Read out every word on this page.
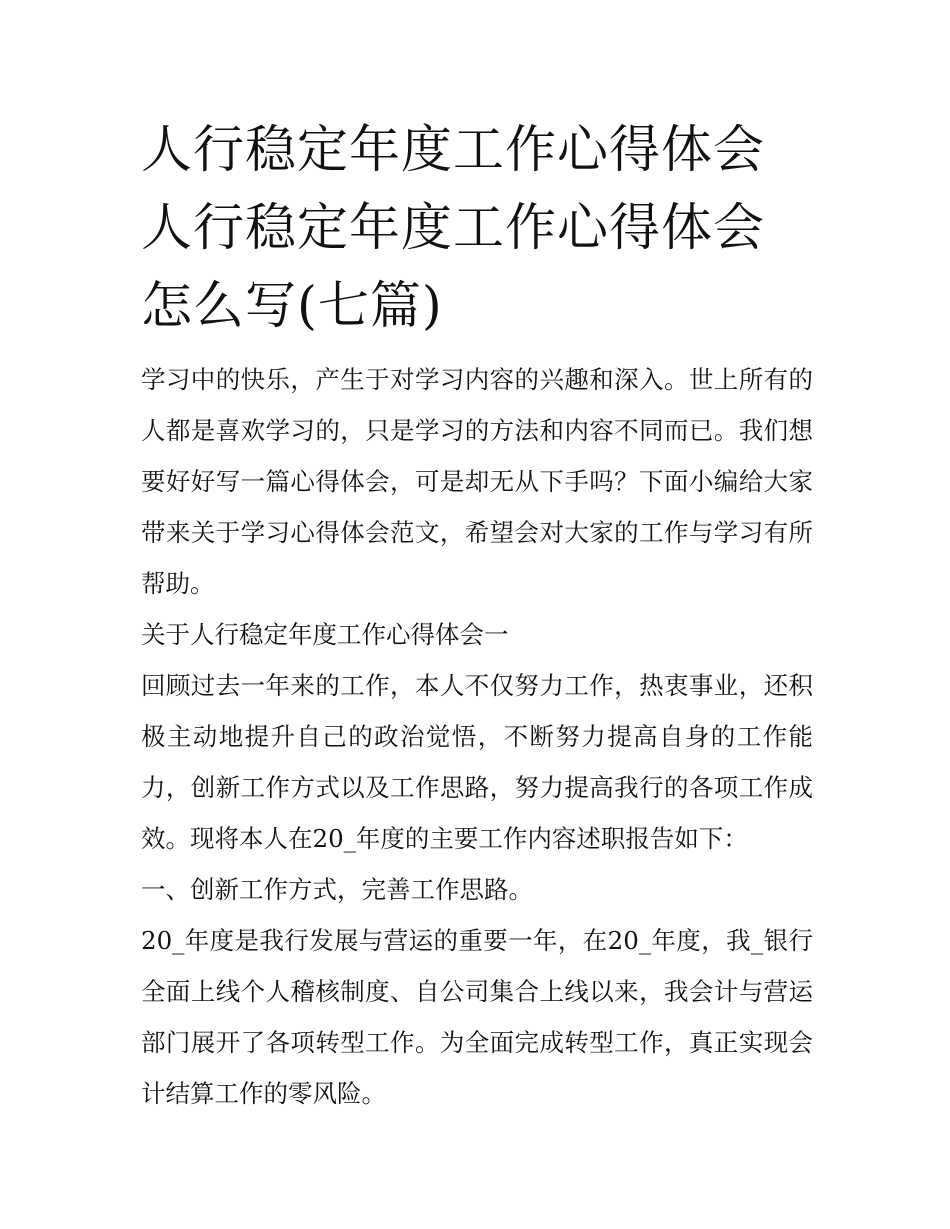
人行稳定年度工作心得体会 人行稳定年度工作心得体会怎么写(七篇)

学习中的快乐，产生于对学习内容的兴趣和深入。世上所有的人都是喜欢学习的，只是学习的方法和内容不同而已。我们想要好好写一篇心得体会，可是却无从下手吗？下面小编给大家带来关于学习心得体会范文，希望会对大家的工作与学习有所帮助。

关于人行稳定年度工作心得体会一

回顾过去一年来的工作，本人不仅努力工作，热衷事业，还积极主动地提升自己的政治觉悟，不断努力提高自身的工作能力，创新工作方式以及工作思路，努力提高我行的各项工作成效。现将本人在20_年度的主要工作内容述职报告如下：

一、创新工作方式，完善工作思路。

20_年度是我行发展与营运的重要一年，在20_年度，我_银行全面上线个人稽核制度、自公司集合上线以来，我会计与营运部门展开了各项转型工作。为全面完成转型工作，真正实现会计结算工作的零风险。
